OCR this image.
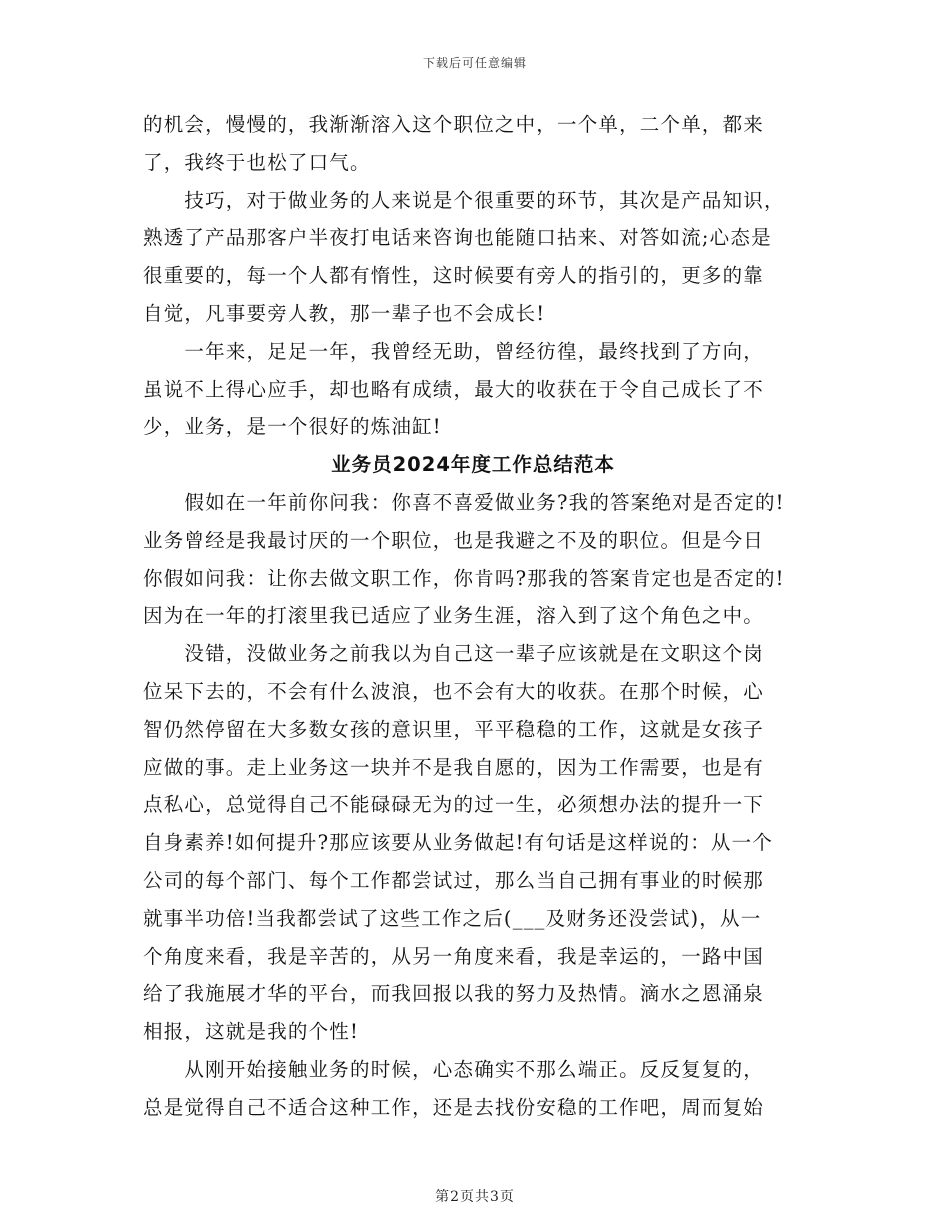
下载后可任意编辑

的机会，慢慢的，我渐渐溶入这个职位之中，一个单，二个单，都来
了，我终于也松了口气。

　　技巧，对于做业务的人来说是个很重要的环节，其次是产品知识，
熟透了产品那客户半夜打电话来咨询也能随口拈来、对答如流;心态是
很重要的，每一个人都有惰性，这时候要有旁人的指引的，更多的靠
自觉，凡事要旁人教，那一辈子也不会成长!

　　一年来，足足一年，我曾经无助，曾经彷徨，最终找到了方向，
虽说不上得心应手，却也略有成绩，最大的收获在于令自己成长了不
少，业务，是一个很好的炼油缸!

业务员2024年度工作总结范本

　　假如在一年前你问我：你喜不喜爱做业务?我的答案绝对是否定的!
业务曾经是我最讨厌的一个职位，也是我避之不及的职位。但是今日
你假如问我：让你去做文职工作，你肯吗?那我的答案肯定也是否定的!
因为在一年的打滚里我已适应了业务生涯，溶入到了这个角色之中。

　　没错，没做业务之前我以为自己这一辈子应该就是在文职这个岗
位呆下去的，不会有什么波浪，也不会有大的收获。在那个时候，心
智仍然停留在大多数女孩的意识里，平平稳稳的工作，这就是女孩子
应做的事。走上业务这一块并不是我自愿的，因为工作需要，也是有
点私心，总觉得自己不能碌碌无为的过一生，必须想办法的提升一下
自身素养!如何提升?那应该要从业务做起!有句话是这样说的：从一个
公司的每个部门、每个工作都尝试过，那么当自己拥有事业的时候那
就事半功倍!当我都尝试了这些工作之后(___及财务还没尝试)，从一
个角度来看，我是辛苦的，从另一角度来看，我是幸运的，一路中国
给了我施展才华的平台，而我回报以我的努力及热情。滴水之恩涌泉
相报，这就是我的个性!

　　从刚开始接触业务的时候，心态确实不那么端正。反反复复的，
总是觉得自己不适合这种工作，还是去找份安稳的工作吧，周而复始

第2页共3页
